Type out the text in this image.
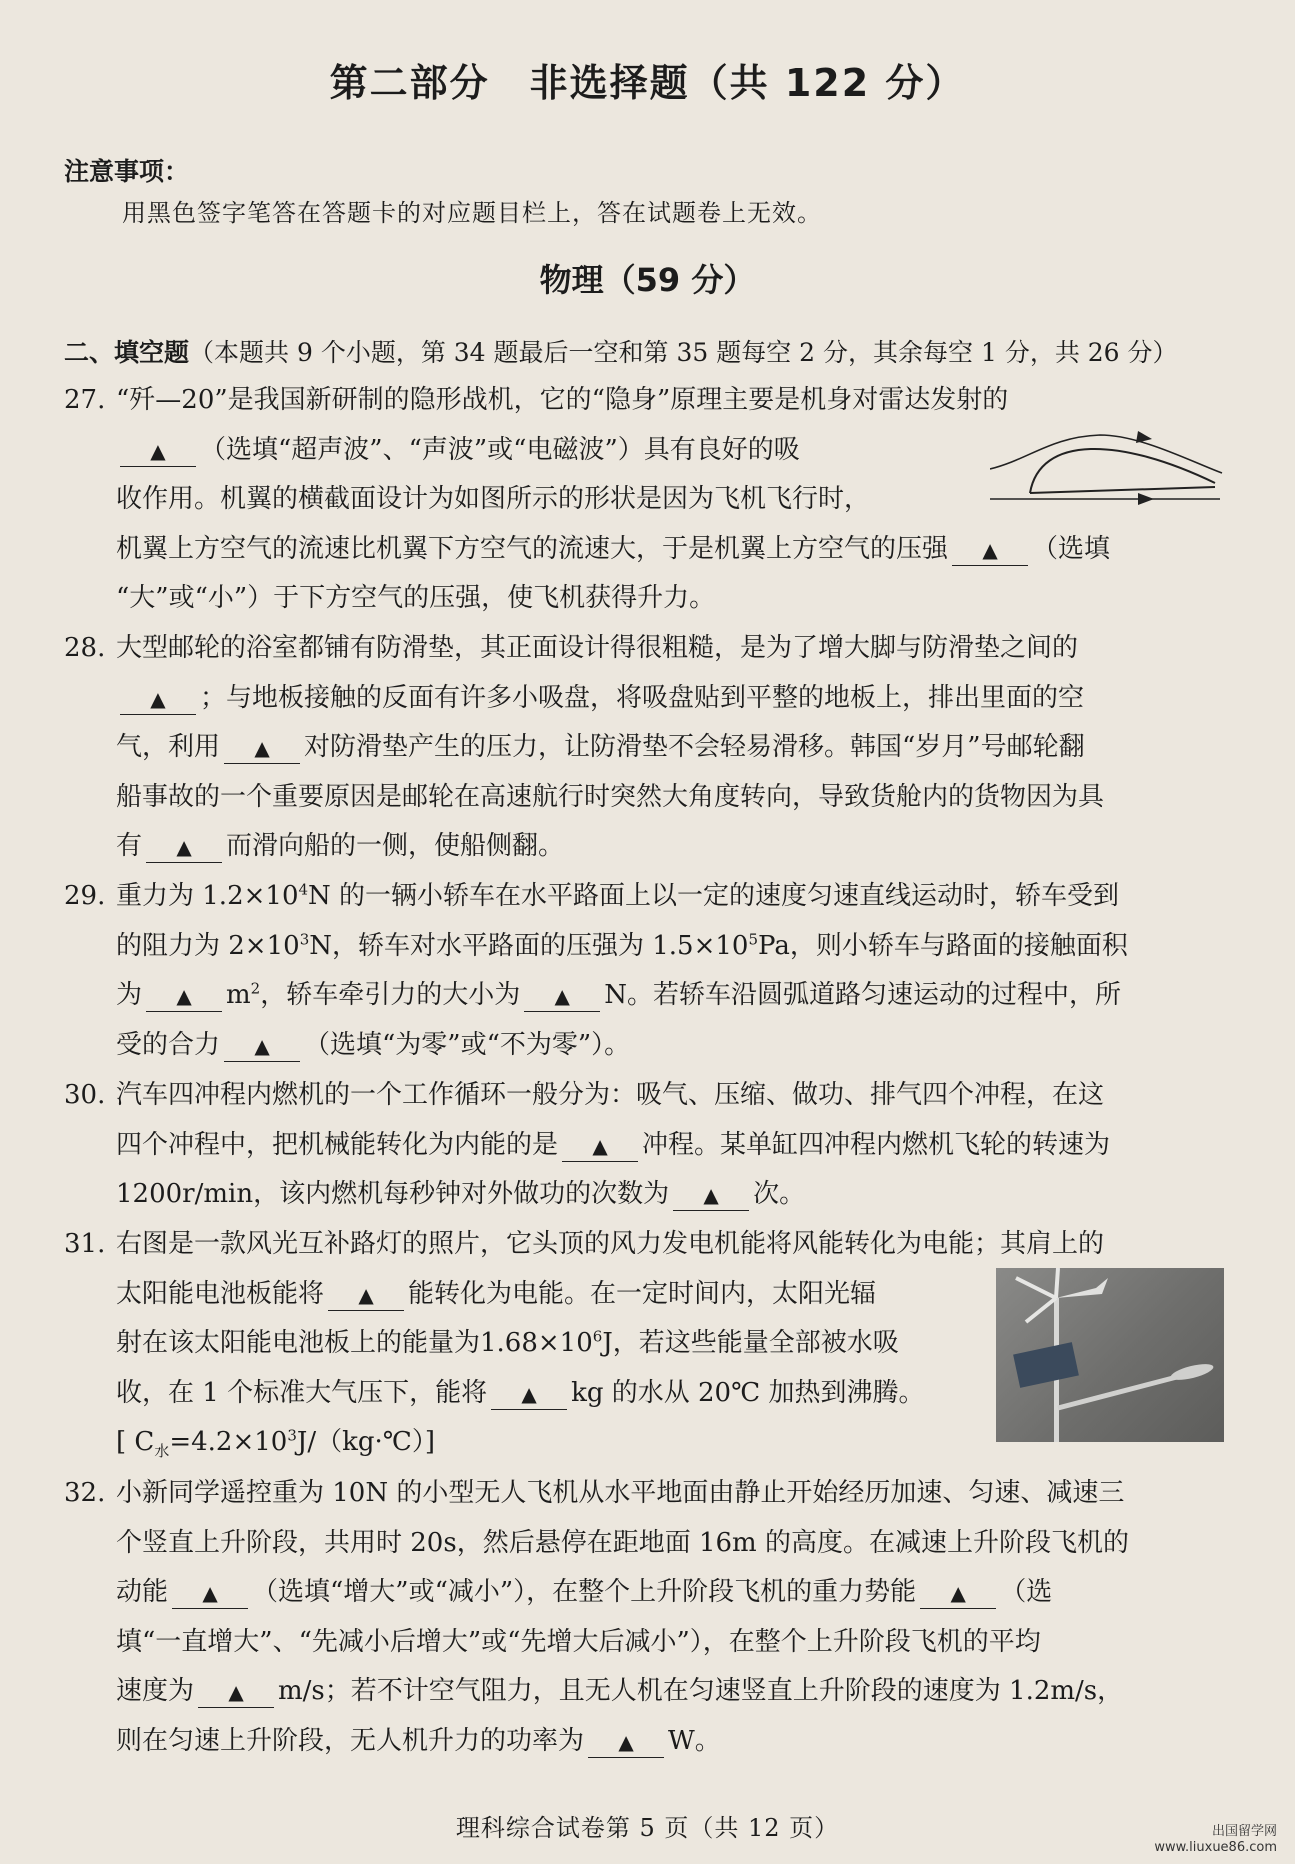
第二部分　非选择题（共 122 分）
注意事项：
用黑色签字笔答在答题卡的对应题目栏上，答在试题卷上无效。
物理（59 分）
二、填空题（本题共 9 个小题，第 34 题最后一空和第 35 题每空 2 分，其余每空 1 分，共 26 分）
27. “歼—20”是我国新研制的隐形战机，它的“隐身”原理主要是机身对雷达发射的
▲ （选填“超声波”、“声波”或“电磁波”）具有良好的吸
收作用。机翼的横截面设计为如图所示的形状是因为飞机飞行时，
机翼上方空气的流速比机翼下方空气的流速大，于是机翼上方空气的压强 ▲ （选填
“大”或“小”）于下方空气的压强，使飞机获得升力。
28. 大型邮轮的浴室都铺有防滑垫，其正面设计得很粗糙，是为了增大脚与防滑垫之间的
▲ ；与地板接触的反面有许多小吸盘，将吸盘贴到平整的地板上，排出里面的空
气，利用 ▲ 对防滑垫产生的压力，让防滑垫不会轻易滑移。韩国“岁月”号邮轮翻
船事故的一个重要原因是邮轮在高速航行时突然大角度转向，导致货舱内的货物因为具
有 ▲ 而滑向船的一侧，使船侧翻。
29. 重力为 $1.2\times 10^4N$ 的一辆小轿车在水平路面上以一定的速度匀速直线运动时，轿车受到
的阻力为 $2\times 10^3N$，轿车对水平路面的压强为 $1.5\times 10^5Pa$，则小轿车与路面的接触面积
为 ▲ $m^2$，轿车牵引力的大小为 ▲ N。若轿车沿圆弧道路匀速运动的过程中，所
受的合力 ▲ （选填“为零”或“不为零”）。
30. 汽车四冲程内燃机的一个工作循环一般分为：吸气、压缩、做功、排气四个冲程，在这
四个冲程中，把机械能转化为内能的是 ▲ 冲程。某单缸四冲程内燃机飞轮的转速为
1200r/min，该内燃机每秒钟对外做功的次数为 ▲ 次。
31. 右图是一款风光互补路灯的照片，它头顶的风力发电机能将风能转化为电能；其肩上的
太阳能电池板能将 ▲ 能转化为电能。在一定时间内，太阳光辐
射在该太阳能电池板上的能量为$1.68\times 10^6J$，若这些能量全部被水吸
收，在 1 个标准大气压下，能将 ▲ kg 的水从 20℃ 加热到沸腾。
[ $C_水=4.2\times 10^3J/(kg\cdot℃)$]
32. 小新同学遥控重为 10N 的小型无人飞机从水平地面由静止开始经历加速、匀速、减速三
个竖直上升阶段，共用时 20s，然后悬停在距地面 16m 的高度。在减速上升阶段飞机的
动能 ▲ （选填“增大”或“减小”），在整个上升阶段飞机的重力势能 ▲ （选
填“一直增大”、“先减小后增大”或“先增大后减小”），在整个上升阶段飞机的平均
速度为 ▲ m/s；若不计空气阻力，且无人机在匀速竖直上升阶段的速度为 1.2m/s，
则在匀速上升阶段，无人机升力的功率为 ▲ W。
理科综合试卷第 5 页（共 12 页）	出国留学网
www.liuxue86.com
